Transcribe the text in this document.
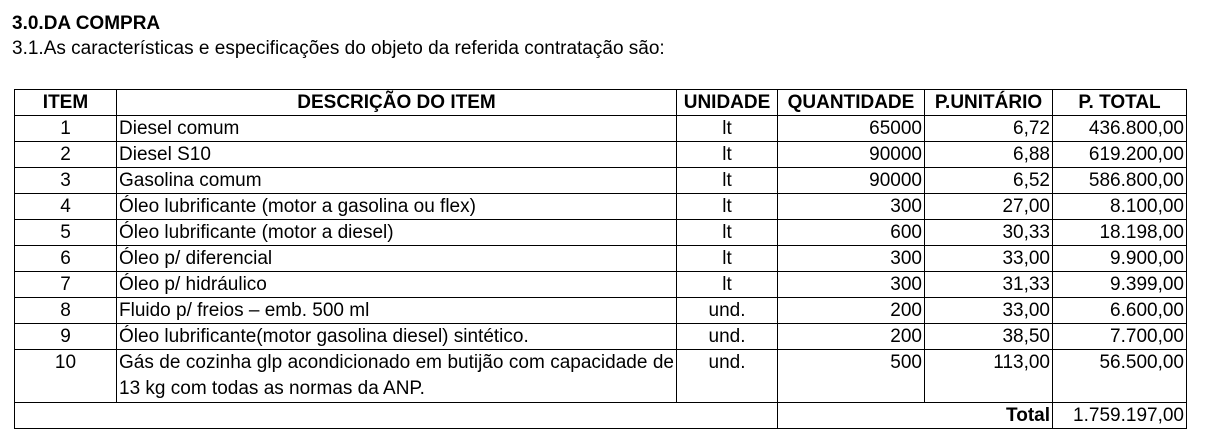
3.0.DA COMPRA
3.1.As características e especificações do objeto da referida contratação são:
ITEM	DESCRIÇÃO DO ITEM	UNIDADE	QUANTIDADE	P.UNITÁRIO	P. TOTAL
1	Diesel comum	lt	65000	6,72	436.800,00
2	Diesel S10	lt	90000	6,88	619.200,00
3	Gasolina comum	lt	90000	6,52	586.800,00
4	Óleo lubrificante (motor a gasolina ou flex)	lt	300	27,00	8.100,00
5	Óleo lubrificante (motor a diesel)	lt	600	30,33	18.198,00
6	Óleo p/ diferencial	lt	300	33,00	9.900,00
7	Óleo p/ hidráulico	lt	300	31,33	9.399,00
8	Fluido p/ freios – emb. 500 ml	und.	200	33,00	6.600,00
9	Óleo lubrificante(motor gasolina diesel) sintético.	und.	200	38,50	7.700,00
10	Gás de cozinha glp acondicionado em butijão com capacidade de 13 kg com todas as normas da ANP.	und.	500	113,00	56.500,00
			Total		1.759.197,00
